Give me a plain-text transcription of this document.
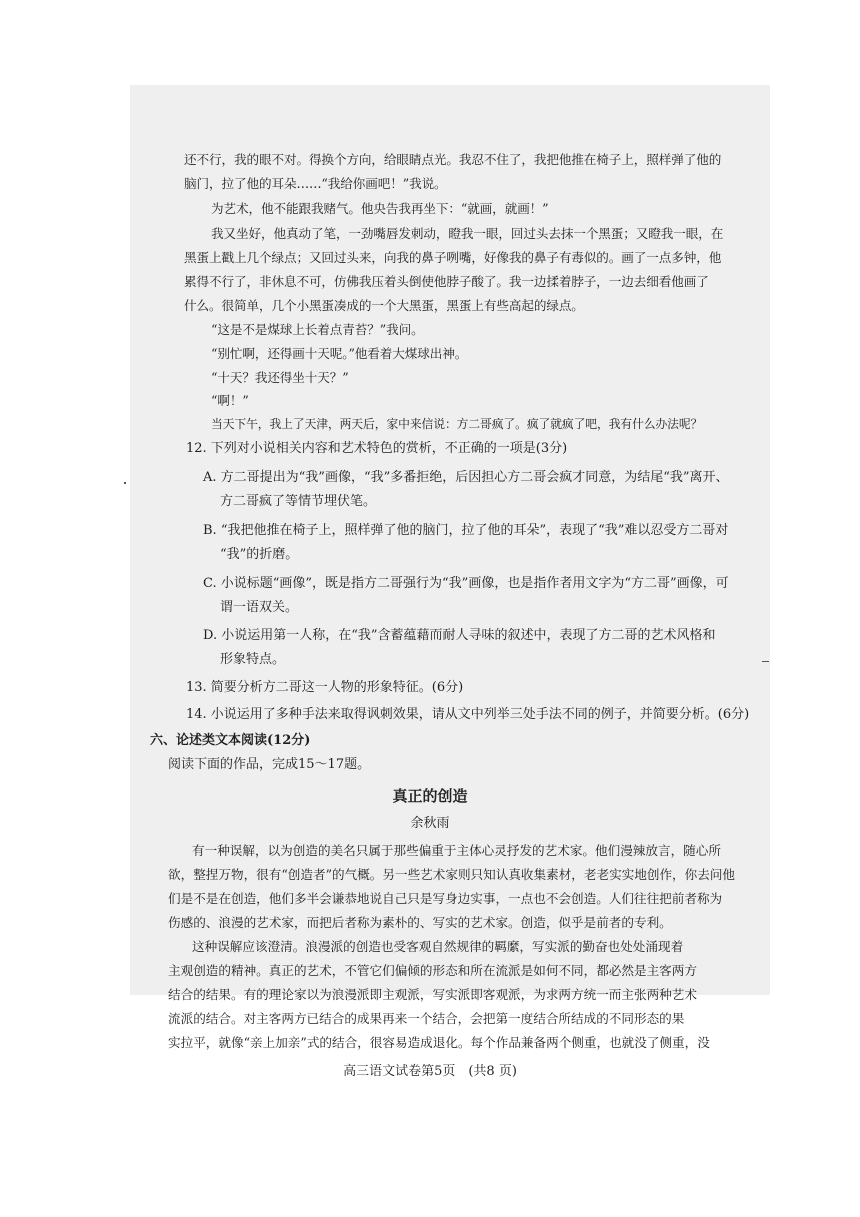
还不行，我的眼不对。得换个方向，给眼睛点光。我忍不住了，我把他推在椅子上，照样弹了他的
脑门，拉了他的耳朵……“我给你画吧！”我说。
为艺术，他不能跟我赌气。他央告我再坐下：“就画，就画！”
我又坐好，他真动了笔，一劲嘴唇发刺动，瞪我一眼，回过头去抹一个黑蛋；又瞪我一眼，在
黑蛋上戳上几个绿点；又回过头来，向我的鼻子咧嘴，好像我的鼻子有毒似的。画了一点多钟，他
累得不行了，非休息不可，仿佛我压着头倒使他脖子酸了。我一边揉着脖子，一边去细看他画了
什么。很简单，几个小黑蛋凑成的一个大黑蛋，黑蛋上有些高起的绿点。
“这是不是煤球上长着点青苔？”我问。
“别忙啊，还得画十天呢。”他看着大煤球出神。
“十天？我还得坐十天？”
“啊！”
当天下午，我上了天津，两天后，家中来信说：方二哥疯了。疯了就疯了吧，我有什么办法呢？
12. 下列对小说相关内容和艺术特色的赏析，不正确的一项是(3分)
A. 方二哥提出为“我”画像，“我”多番拒绝，后因担心方二哥会疯才同意，为结尾“我”离开、
方二哥疯了等情节埋伏笔。
B. “我把他推在椅子上，照样弹了他的脑门，拉了他的耳朵”，表现了“我”难以忍受方二哥对
“我”的折磨。
C. 小说标题“画像”，既是指方二哥强行为“我”画像，也是指作者用文字为“方二哥”画像，可
谓一语双关。
D. 小说运用第一人称，在“我”含蓄蕴藉而耐人寻味的叙述中，表现了方二哥的艺术风格和
形象特点。
13. 简要分析方二哥这一人物的形象特征。(6分)
14. 小说运用了多种手法来取得讽刺效果，请从文中列举三处手法不同的例子，并简要分析。(6分)
六、论述类文本阅读(12分)
阅读下面的作品，完成15～17题。
真正的创造
余秋雨
有一种误解，以为创造的美名只属于那些偏重于主体心灵抒发的艺术家。他们漫辣放言，随心所
欲，整捏万物，很有“创造者”的气概。另一些艺术家则只知认真收集素材，老老实实地创作，你去问他
们是不是在创造，他们多半会谦恭地说自己只是写身边实事，一点也不会创造。人们往往把前者称为
伤感的、浪漫的艺术家，而把后者称为素朴的、写实的艺术家。创造，似乎是前者的专利。
这种误解应该澄清。浪漫派的创造也受客观自然规律的羁縻，写实派的勤奋也处处涌现着
主观创造的精神。真正的艺术，不管它们偏倾的形态和所在流派是如何不同，都必然是主客两方
结合的结果。有的理论家以为浪漫派即主观派，写实派即客观派，为求两方统一而主张两种艺术
流派的结合。对主客两方已结合的成果再来一个结合，会把第一度结合所结成的不同形态的果
实拉平，就像“亲上加亲”式的结合，很容易造成退化。每个作品兼备两个侧重，也就没了侧重，没
高三语文试卷第5页　(共8 页)
